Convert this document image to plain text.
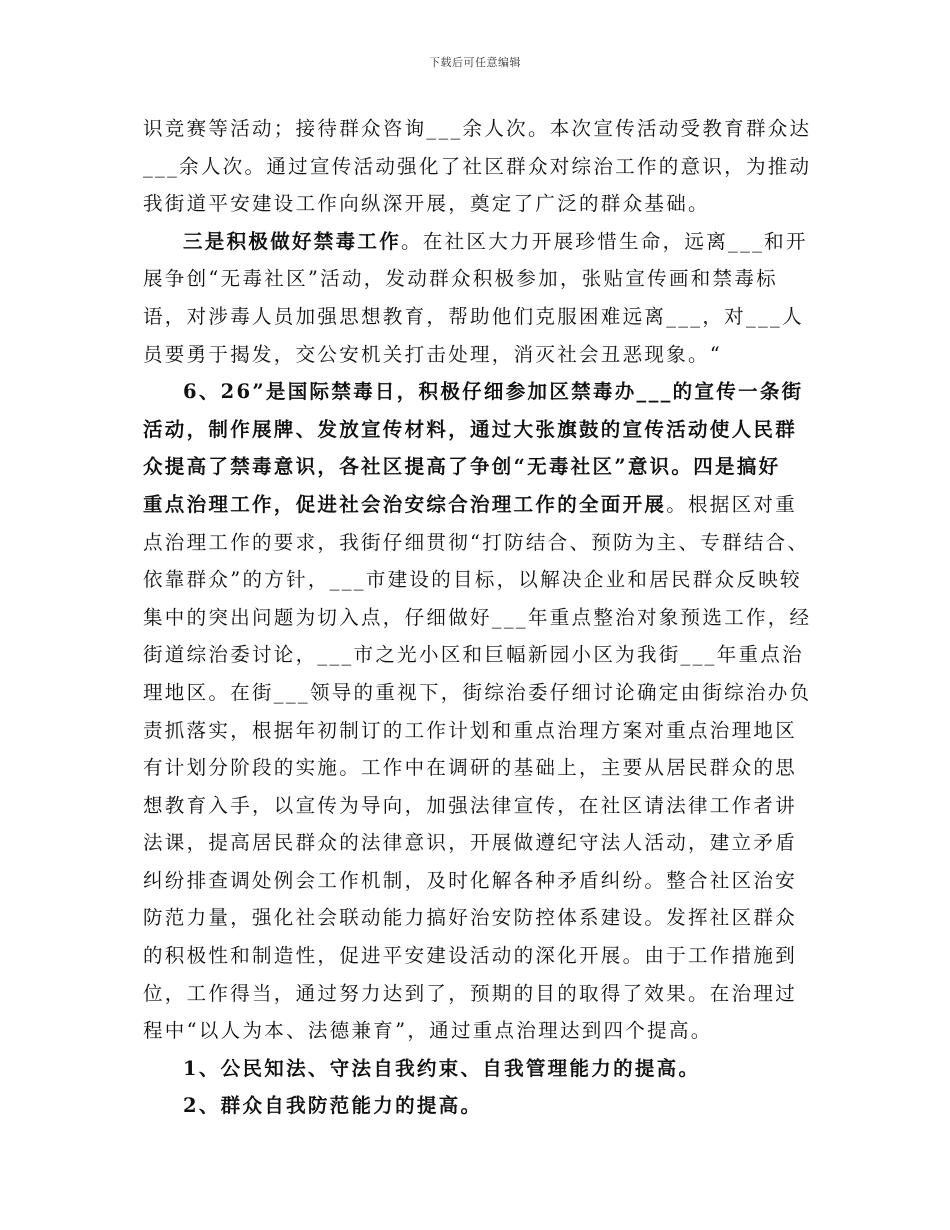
下载后可任意编辑
识竞赛等活动；接待群众咨询___余人次。本次宣传活动受教育群众达
___余人次。通过宣传活动强化了社区群众对综治工作的意识，为推动
我街道平安建设工作向纵深开展，奠定了广泛的群众基础。
三是积极做好禁毒工作。在社区大力开展珍惜生命，远离___和开
展争创“无毒社区”活动，发动群众积极参加，张贴宣传画和禁毒标
语，对涉毒人员加强思想教育，帮助他们克服困难远离___，对___人
员要勇于揭发，交公安机关打击处理，消灭社会丑恶现象。“
6、26”是国际禁毒日，积极仔细参加区禁毒办___的宣传一条街
活动，制作展牌、发放宣传材料，通过大张旗鼓的宣传活动使人民群
众提高了禁毒意识，各社区提高了争创“无毒社区”意识。四是搞好
重点治理工作，促进社会治安综合治理工作的全面开展。根据区对重
点治理工作的要求，我街仔细贯彻“打防结合、预防为主、专群结合、
依靠群众”的方针，___市建设的目标，以解决企业和居民群众反映较
集中的突出问题为切入点，仔细做好___年重点整治对象预选工作，经
街道综治委讨论，___市之光小区和巨幅新园小区为我街___年重点治
理地区。在街___领导的重视下，街综治委仔细讨论确定由街综治办负
责抓落实，根据年初制订的工作计划和重点治理方案对重点治理地区
有计划分阶段的实施。工作中在调研的基础上，主要从居民群众的思
想教育入手，以宣传为导向，加强法律宣传，在社区请法律工作者讲
法课，提高居民群众的法律意识，开展做遵纪守法人活动，建立矛盾
纠纷排查调处例会工作机制，及时化解各种矛盾纠纷。整合社区治安
防范力量，强化社会联动能力搞好治安防控体系建设。发挥社区群众
的积极性和制造性，促进平安建设活动的深化开展。由于工作措施到
位，工作得当，通过努力达到了，预期的目的取得了效果。在治理过
程中“以人为本、法德兼育”，通过重点治理达到四个提高。
1、公民知法、守法自我约束、自我管理能力的提高。
2、群众自我防范能力的提高。
